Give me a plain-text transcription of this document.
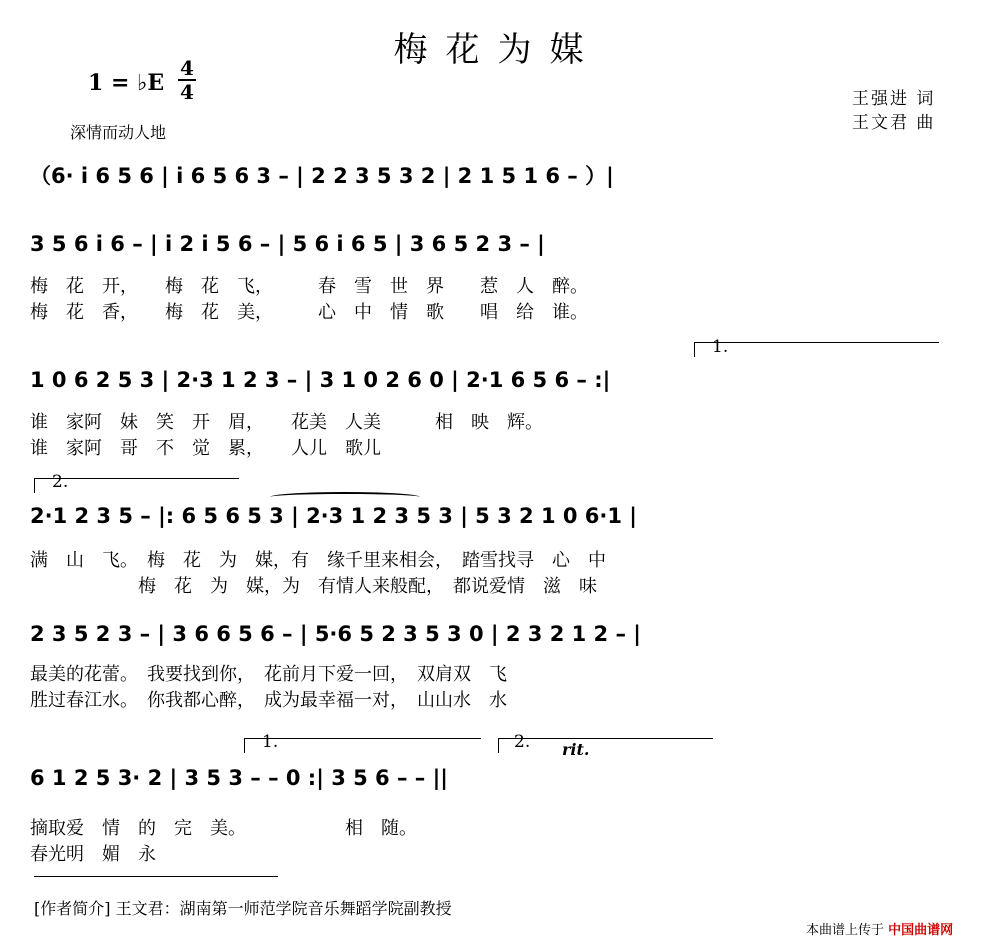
梅花为媒
1 = ♭E
4
4
深情而动人地
王强进 词
王文君 曲
（6· i 6 5 6 | i 6 5 6 3 – | 2 2 3 5 3 2 | 2 1 5 1 6 – ）|
3 5 6 i 6 – | i 2 i 5 6 – | 5 6 i 6 5 | 3 6 5 2 3 – |
梅　花　开，　　梅　花　飞，　　　春　雪　世　界　　惹　人　醉。
梅　花　香，　　梅　花　美，　　　心　中　情　歌　　唱　给　谁。
1.
1 0 6 2 5 3 | 2·3 1 2 3 – | 3 1 0 2 6 0 | 2·1 6 5 6 – :|
谁　家阿　妹　笑　开　眉，　　花美　人美　　　相　映　辉。
谁　家阿　哥　不　觉　累，　　人儿　歌儿
2.
2·1 2 3 5 – |: 6 5 6 5 3 | 2·3 1 2 3 5 3 | 5 3 2 1 0 6·1 |
满　山　飞。　梅　花　为　媒，有　缘千里来相会，　踏雪找寻　心　中
　　　　　　梅　花　为　媒，为　有情人来般配，　都说爱情　滋　味
2 3 5 2 3 – | 3 6 6 5 6 – | 5·6 5 2 3 5 3 0 | 2 3 2 1 2 – |
最美的花蕾。　我要找到你，　花前月下爱一回，　双肩双　飞
胜过春江水。　你我都心醉，　成为最幸福一对，　山山水　水
1.	2. rit.
6 1 2 5 3· 2 | 3 5 3 – – 0 :| 3 5 6 – – ||
摘取爱　情　的　完　美。　　　　　　相　随。
春光明　媚　永
[作者简介] 王文君：湖南第一师范学院音乐舞蹈学院副教授
本曲谱上传于 中国曲谱网
